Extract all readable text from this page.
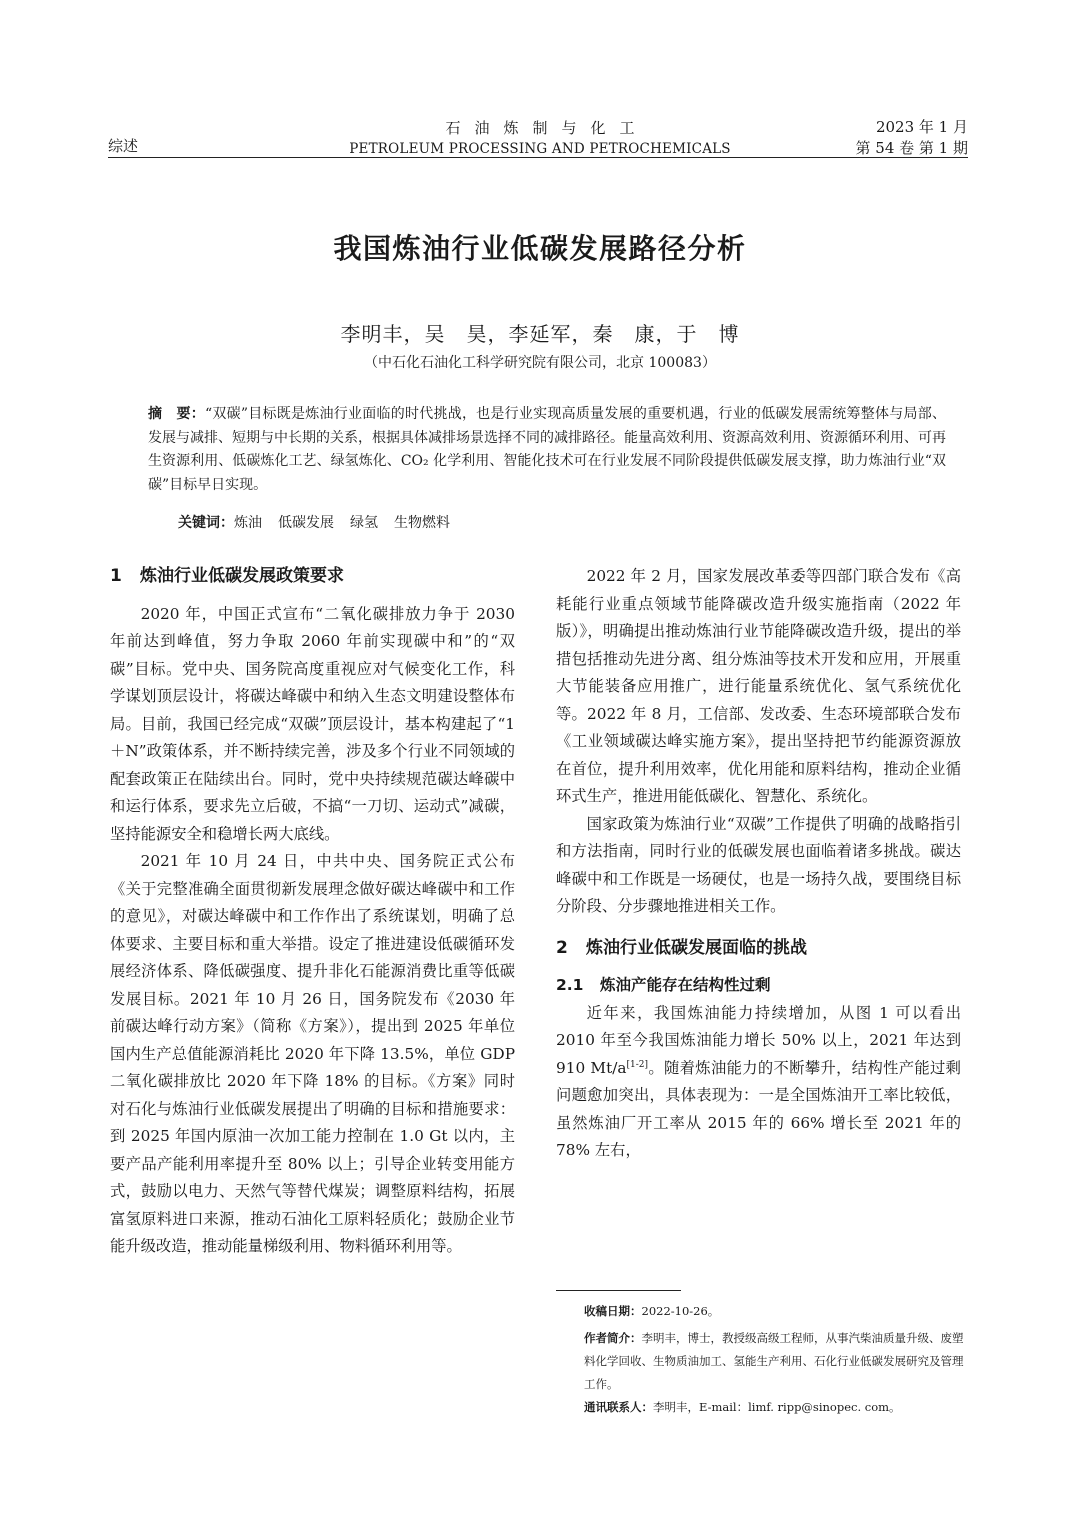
综述
石油炼制与化工
PETROLEUM PROCESSING AND PETROCHEMICALS
2023 年 1 月
第 54 卷 第 1 期
我国炼油行业低碳发展路径分析
李明丰，吴　昊，李延军，秦　康，于　博
（中石化石油化工科学研究院有限公司，北京 100083）
摘　要：“双碳”目标既是炼油行业面临的时代挑战，也是行业实现高质量发展的重要机遇，行业的低碳发展需统筹整体与局部、发展与减排、短期与中长期的关系，根据具体减排场景选择不同的减排路径。能量高效利用、资源高效利用、资源循环利用、可再生资源利用、低碳炼化工艺、绿氢炼化、CO₂ 化学利用、智能化技术可在行业发展不同阶段提供低碳发展支撑，助力炼油行业“双碳”目标早日实现。
关键词：炼油 低碳发展 绿氢 生物燃料
1 炼油行业低碳发展政策要求

2020 年，中国正式宣布“二氧化碳排放力争于 2030 年前达到峰值，努力争取 2060 年前实现碳中和”的“双碳”目标。党中央、国务院高度重视应对气候变化工作，科学谋划顶层设计，将碳达峰碳中和纳入生态文明建设整体布局。目前，我国已经完成“双碳”顶层设计，基本构建起了“1＋N”政策体系，并不断持续完善，涉及多个行业不同领域的配套政策正在陆续出台。同时，党中央持续规范碳达峰碳中和运行体系，要求先立后破，不搞“一刀切、运动式”减碳，坚持能源安全和稳增长两大底线。

2021 年 10 月 24 日，中共中央、国务院正式公布《关于完整准确全面贯彻新发展理念做好碳达峰碳中和工作的意见》，对碳达峰碳中和工作作出了系统谋划，明确了总体要求、主要目标和重大举措。设定了推进建设低碳循环发展经济体系、降低碳强度、提升非化石能源消费比重等低碳发展目标。2021 年 10 月 26 日，国务院发布《2030 年前碳达峰行动方案》（简称《方案》），提出到 2025 年单位国内生产总值能源消耗比 2020 年下降 13.5%，单位 GDP 二氧化碳排放比 2020 年下降 18% 的目标。《方案》同时对石化与炼油行业低碳发展提出了明确的目标和措施要求：到 2025 年国内原油一次加工能力控制在 1.0 Gt 以内，主要产品产能利用率提升至 80% 以上；引导企业转变用能方式，鼓励以电力、天然气等替代煤炭；调整原料结构，拓展富氢原料进口来源，推动石油化工原料轻质化；鼓励企业节能升级改造，推动能量梯级利用、物料循环利用等。

2022 年 2 月，国家发展改革委等四部门联合发布《高耗能行业重点领域节能降碳改造升级实施指南（2022 年版）》，明确提出推动炼油行业节能降碳改造升级，提出的举措包括推动先进分离、组分炼油等技术开发和应用，开展重大节能装备应用推广，进行能量系统优化、氢气系统优化等。2022 年 8 月，工信部、发改委、生态环境部联合发布《工业领域碳达峰实施方案》，提出坚持把节约能源资源放在首位，提升利用效率，优化用能和原料结构，推动企业循环式生产，推进用能低碳化、智慧化、系统化。

国家政策为炼油行业“双碳”工作提供了明确的战略指引和方法指南，同时行业的低碳发展也面临着诸多挑战。碳达峰碳中和工作既是一场硬仗，也是一场持久战，要围绕目标分阶段、分步骤地推进相关工作。

2 炼油行业低碳发展面临的挑战
2.1 炼油产能存在结构性过剩

近年来，我国炼油能力持续增加，从图 1 可以看出 2010 年至今我国炼油能力增长 50% 以上，2021 年达到 910 Mt/a[1-2]。随着炼油能力的不断攀升，结构性产能过剩问题愈加突出，具体表现为：一是全国炼油开工率比较低，虽然炼油厂开工率从 2015 年的 66% 增长至 2021 年的 78% 左右，

收稿日期：2022-10-26。
作者简介：李明丰，博士，教授级高级工程师，从事汽柴油质量升级、废塑料化学回收、生物质油加工、氢能生产利用、石化行业低碳发展研究及管理工作。
通讯联系人：李明丰，E-mail：limf. ripp@sinopec. com。
